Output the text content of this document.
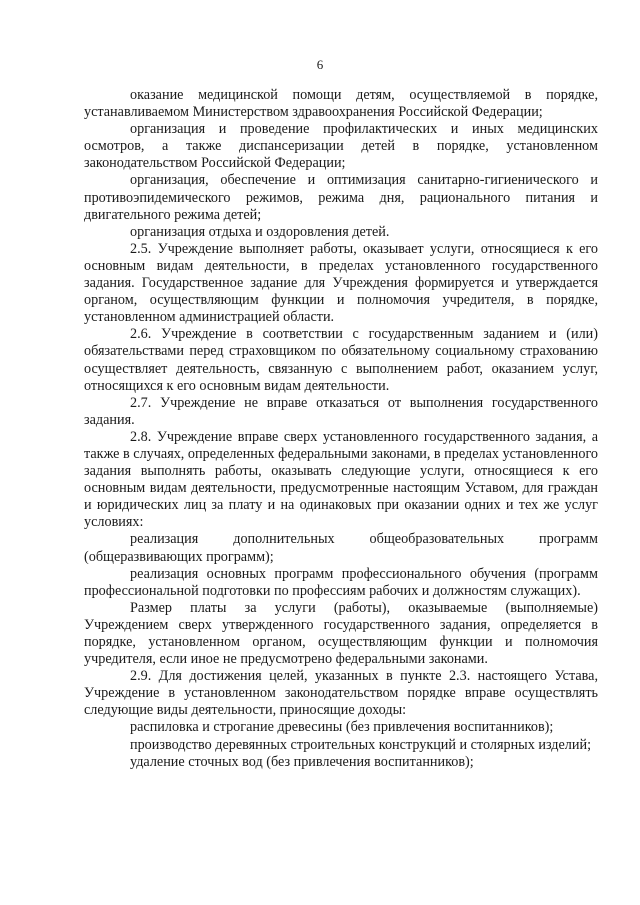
6

оказание медицинской помощи детям, осуществляемой в порядке, устанавливаемом Министерством здравоохранения Российской Федерации;

организация и проведение профилактических и иных медицинских осмотров, а также диспансеризации детей в порядке, установленном законодательством Российской Федерации;

организация, обеспечение и оптимизация санитарно-гигиенического и противоэпидемического режимов, режима дня, рационального питания и двигательного режима детей;

организация отдыха и оздоровления детей.

2.5. Учреждение выполняет работы, оказывает услуги, относящиеся к его основным видам деятельности, в пределах установленного государственного задания. Государственное задание для Учреждения формируется и утверждается органом, осуществляющим функции и полномочия учредителя, в порядке, установленном администрацией области.

2.6. Учреждение в соответствии с государственным заданием и (или) обязательствами перед страховщиком по обязательному социальному страхованию осуществляет деятельность, связанную с выполнением работ, оказанием услуг, относящихся к его основным видам деятельности.

2.7. Учреждение не вправе отказаться от выполнения государственного задания.

2.8. Учреждение вправе сверх установленного государственного задания, а также в случаях, определенных федеральными законами, в пределах установленного задания выполнять работы, оказывать следующие услуги, относящиеся к его основным видам деятельности, предусмотренные настоящим Уставом, для граждан и юридических лиц за плату и на одинаковых при оказании одних и тех же услуг условиях:

реализация дополнительных общеобразовательных программ (общеразвивающих программ);

реализация основных программ профессионального обучения (программ профессиональной подготовки по профессиям рабочих и должностям служащих).

Размер платы за услуги (работы), оказываемые (выполняемые) Учреждением сверх утвержденного государственного задания, определяется в порядке, установленном органом, осуществляющим функции и полномочия учредителя, если иное не предусмотрено федеральными законами.

2.9. Для достижения целей, указанных в пункте 2.3. настоящего Устава, Учреждение в установленном законодательством порядке вправе осуществлять следующие виды деятельности, приносящие доходы:

распиловка и строгание древесины (без привлечения воспитанников);

производство деревянных строительных конструкций и столярных изделий;

удаление сточных вод (без привлечения воспитанников);
